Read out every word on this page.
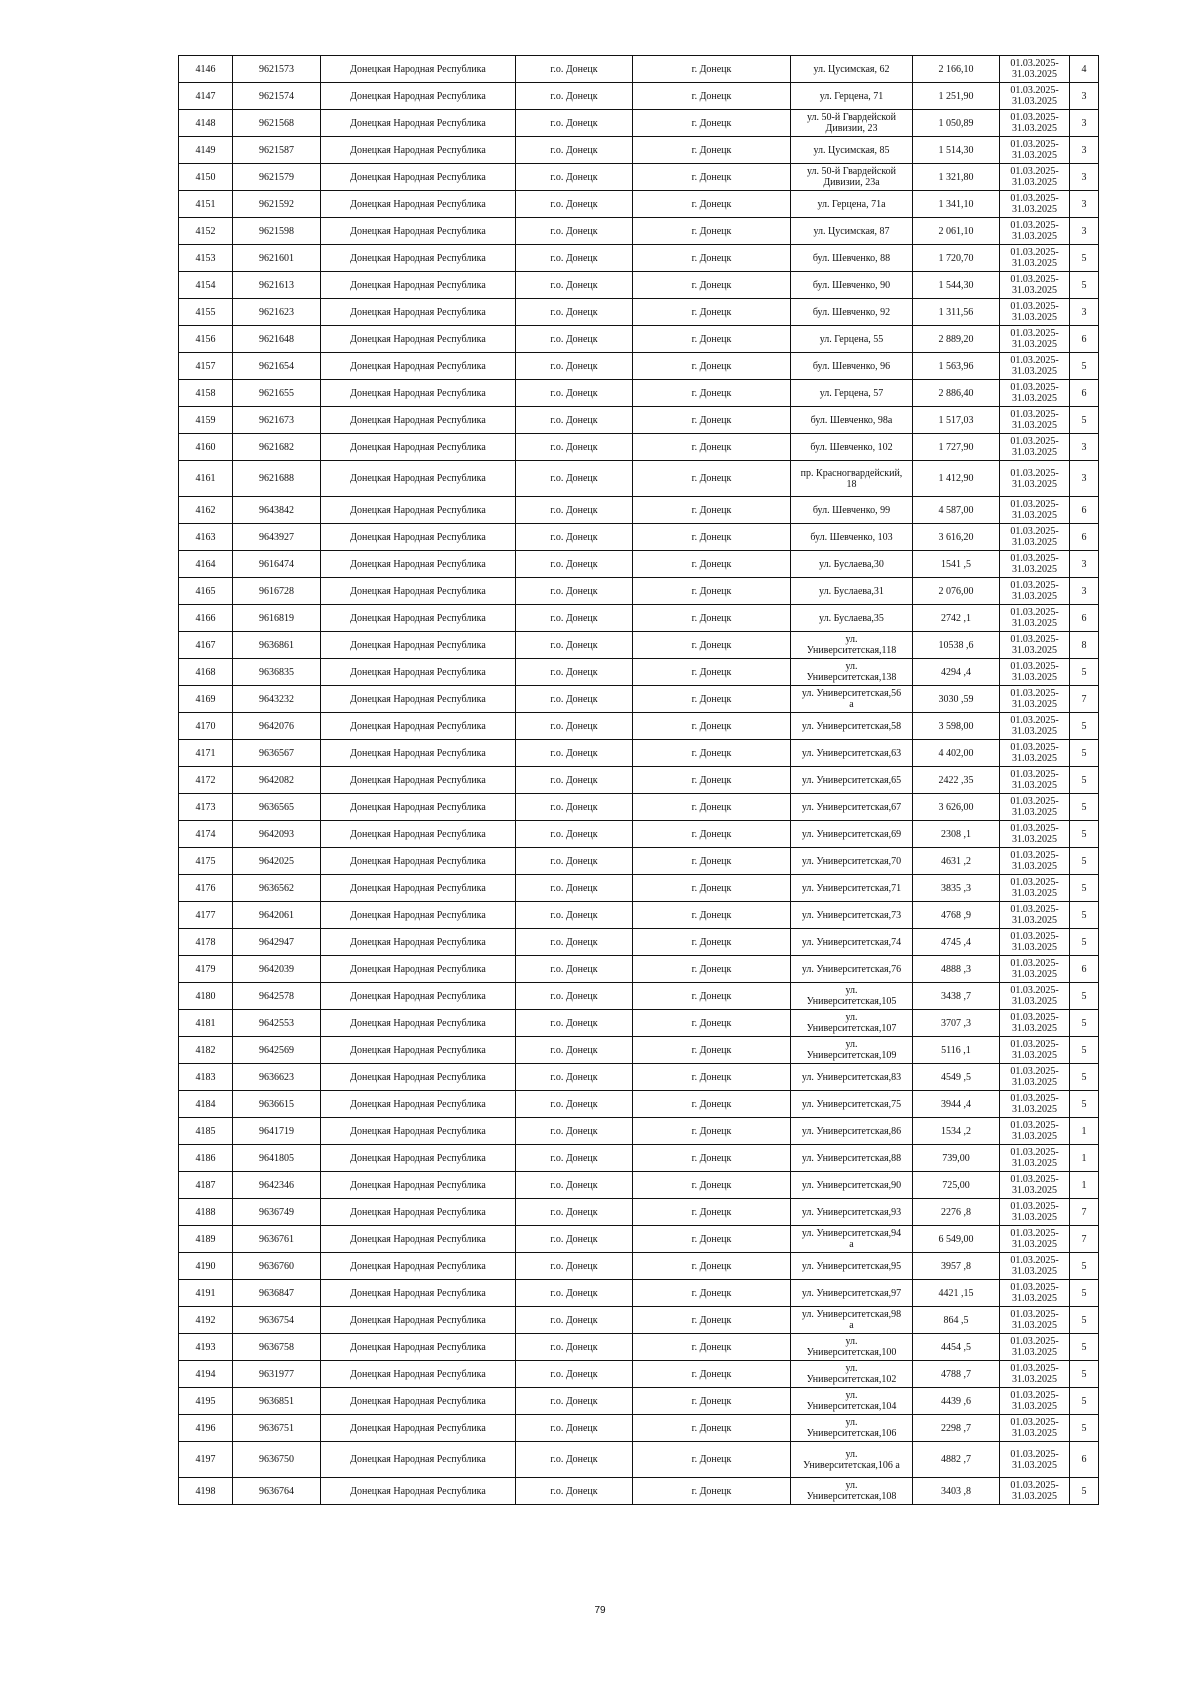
4146	9621573	Донецкая Народная Республика	г.о. Донецк	г. Донецк	ул. Цусимская, 62	2 166,10	01.03.2025-
31.03.2025	4
4147	9621574	Донецкая Народная Республика	г.о. Донецк	г. Донецк	ул. Герцена, 71	1 251,90	01.03.2025-
31.03.2025	3
4148	9621568	Донецкая Народная Республика	г.о. Донецк	г. Донецк	ул. 50-й Гвардейской
Дивизии, 23	1 050,89	01.03.2025-
31.03.2025	3
4149	9621587	Донецкая Народная Республика	г.о. Донецк	г. Донецк	ул. Цусимская, 85	1 514,30	01.03.2025-
31.03.2025	3
4150	9621579	Донецкая Народная Республика	г.о. Донецк	г. Донецк	ул. 50-й Гвардейской
Дивизии, 23а	1 321,80	01.03.2025-
31.03.2025	3
4151	9621592	Донецкая Народная Республика	г.о. Донецк	г. Донецк	ул. Герцена, 71а	1 341,10	01.03.2025-
31.03.2025	3
4152	9621598	Донецкая Народная Республика	г.о. Донецк	г. Донецк	ул. Цусимская, 87	2 061,10	01.03.2025-
31.03.2025	3
4153	9621601	Донецкая Народная Республика	г.о. Донецк	г. Донецк	бул. Шевченко, 88	1 720,70	01.03.2025-
31.03.2025	5
4154	9621613	Донецкая Народная Республика	г.о. Донецк	г. Донецк	бул. Шевченко, 90	1 544,30	01.03.2025-
31.03.2025	5
4155	9621623	Донецкая Народная Республика	г.о. Донецк	г. Донецк	бул. Шевченко, 92	1 311,56	01.03.2025-
31.03.2025	3
4156	9621648	Донецкая Народная Республика	г.о. Донецк	г. Донецк	ул. Герцена, 55	2 889,20	01.03.2025-
31.03.2025	6
4157	9621654	Донецкая Народная Республика	г.о. Донецк	г. Донецк	бул. Шевченко, 96	1 563,96	01.03.2025-
31.03.2025	5
4158	9621655	Донецкая Народная Республика	г.о. Донецк	г. Донецк	ул. Герцена, 57	2 886,40	01.03.2025-
31.03.2025	6
4159	9621673	Донецкая Народная Республика	г.о. Донецк	г. Донецк	бул. Шевченко, 98а	1 517,03	01.03.2025-
31.03.2025	5
4160	9621682	Донецкая Народная Республика	г.о. Донецк	г. Донецк	бул. Шевченко, 102	1 727,90	01.03.2025-
31.03.2025	3
4161	9621688	Донецкая Народная Республика	г.о. Донецк	г. Донецк	пр. Красногвардейский,
18	1 412,90	01.03.2025-
31.03.2025	3
4162	9643842	Донецкая Народная Республика	г.о. Донецк	г. Донецк	бул. Шевченко, 99	4 587,00	01.03.2025-
31.03.2025	6
4163	9643927	Донецкая Народная Республика	г.о. Донецк	г. Донецк	бул. Шевченко, 103	3 616,20	01.03.2025-
31.03.2025	6
4164	9616474	Донецкая Народная Республика	г.о. Донецк	г. Донецк	ул. Буслаева,30	1541 ,5	01.03.2025-
31.03.2025	3
4165	9616728	Донецкая Народная Республика	г.о. Донецк	г. Донецк	ул. Буслаева,31	2 076,00	01.03.2025-
31.03.2025	3
4166	9616819	Донецкая Народная Республика	г.о. Донецк	г. Донецк	ул. Буслаева,35	2742 ,1	01.03.2025-
31.03.2025	6
4167	9636861	Донецкая Народная Республика	г.о. Донецк	г. Донецк	ул.
Университетская,118	10538 ,6	01.03.2025-
31.03.2025	8
4168	9636835	Донецкая Народная Республика	г.о. Донецк	г. Донецк	ул.
Университетская,138	4294 ,4	01.03.2025-
31.03.2025	5
4169	9643232	Донецкая Народная Республика	г.о. Донецк	г. Донецк	ул. Университетская,56
а	3030 ,59	01.03.2025-
31.03.2025	7
4170	9642076	Донецкая Народная Республика	г.о. Донецк	г. Донецк	ул. Университетская,58	3 598,00	01.03.2025-
31.03.2025	5
4171	9636567	Донецкая Народная Республика	г.о. Донецк	г. Донецк	ул. Университетская,63	4 402,00	01.03.2025-
31.03.2025	5
4172	9642082	Донецкая Народная Республика	г.о. Донецк	г. Донецк	ул. Университетская,65	2422 ,35	01.03.2025-
31.03.2025	5
4173	9636565	Донецкая Народная Республика	г.о. Донецк	г. Донецк	ул. Университетская,67	3 626,00	01.03.2025-
31.03.2025	5
4174	9642093	Донецкая Народная Республика	г.о. Донецк	г. Донецк	ул. Университетская,69	2308 ,1	01.03.2025-
31.03.2025	5
4175	9642025	Донецкая Народная Республика	г.о. Донецк	г. Донецк	ул. Университетская,70	4631 ,2	01.03.2025-
31.03.2025	5
4176	9636562	Донецкая Народная Республика	г.о. Донецк	г. Донецк	ул. Университетская,71	3835 ,3	01.03.2025-
31.03.2025	5
4177	9642061	Донецкая Народная Республика	г.о. Донецк	г. Донецк	ул. Университетская,73	4768 ,9	01.03.2025-
31.03.2025	5
4178	9642947	Донецкая Народная Республика	г.о. Донецк	г. Донецк	ул. Университетская,74	4745 ,4	01.03.2025-
31.03.2025	5
4179	9642039	Донецкая Народная Республика	г.о. Донецк	г. Донецк	ул. Университетская,76	4888 ,3	01.03.2025-
31.03.2025	6
4180	9642578	Донецкая Народная Республика	г.о. Донецк	г. Донецк	ул.
Университетская,105	3438 ,7	01.03.2025-
31.03.2025	5
4181	9642553	Донецкая Народная Республика	г.о. Донецк	г. Донецк	ул.
Университетская,107	3707 ,3	01.03.2025-
31.03.2025	5
4182	9642569	Донецкая Народная Республика	г.о. Донецк	г. Донецк	ул.
Университетская,109	5116 ,1	01.03.2025-
31.03.2025	5
4183	9636623	Донецкая Народная Республика	г.о. Донецк	г. Донецк	ул. Университетская,83	4549 ,5	01.03.2025-
31.03.2025	5
4184	9636615	Донецкая Народная Республика	г.о. Донецк	г. Донецк	ул. Университетская,75	3944 ,4	01.03.2025-
31.03.2025	5
4185	9641719	Донецкая Народная Республика	г.о. Донецк	г. Донецк	ул. Университетская,86	1534 ,2	01.03.2025-
31.03.2025	1
4186	9641805	Донецкая Народная Республика	г.о. Донецк	г. Донецк	ул. Университетская,88	739,00	01.03.2025-
31.03.2025	1
4187	9642346	Донецкая Народная Республика	г.о. Донецк	г. Донецк	ул. Университетская,90	725,00	01.03.2025-
31.03.2025	1
4188	9636749	Донецкая Народная Республика	г.о. Донецк	г. Донецк	ул. Университетская,93	2276 ,8	01.03.2025-
31.03.2025	7
4189	9636761	Донецкая Народная Республика	г.о. Донецк	г. Донецк	ул. Университетская,94
а	6 549,00	01.03.2025-
31.03.2025	7
4190	9636760	Донецкая Народная Республика	г.о. Донецк	г. Донецк	ул. Университетская,95	3957 ,8	01.03.2025-
31.03.2025	5
4191	9636847	Донецкая Народная Республика	г.о. Донецк	г. Донецк	ул. Университетская,97	4421 ,15	01.03.2025-
31.03.2025	5
4192	9636754	Донецкая Народная Республика	г.о. Донецк	г. Донецк	ул. Университетская,98
а	864 ,5	01.03.2025-
31.03.2025	5
4193	9636758	Донецкая Народная Республика	г.о. Донецк	г. Донецк	ул.
Университетская,100	4454 ,5	01.03.2025-
31.03.2025	5
4194	9631977	Донецкая Народная Республика	г.о. Донецк	г. Донецк	ул.
Университетская,102	4788 ,7	01.03.2025-
31.03.2025	5
4195	9636851	Донецкая Народная Республика	г.о. Донецк	г. Донецк	ул.
Университетская,104	4439 ,6	01.03.2025-
31.03.2025	5
4196	9636751	Донецкая Народная Республика	г.о. Донецк	г. Донецк	ул.
Университетская,106	2298 ,7	01.03.2025-
31.03.2025	5
4197	9636750	Донецкая Народная Республика	г.о. Донецк	г. Донецк	ул.
Университетская,106 а	4882 ,7	01.03.2025-
31.03.2025	6
4198	9636764	Донецкая Народная Республика	г.о. Донецк	г. Донецк	ул.
Университетская,108	3403 ,8	01.03.2025-
31.03.2025	5
79
